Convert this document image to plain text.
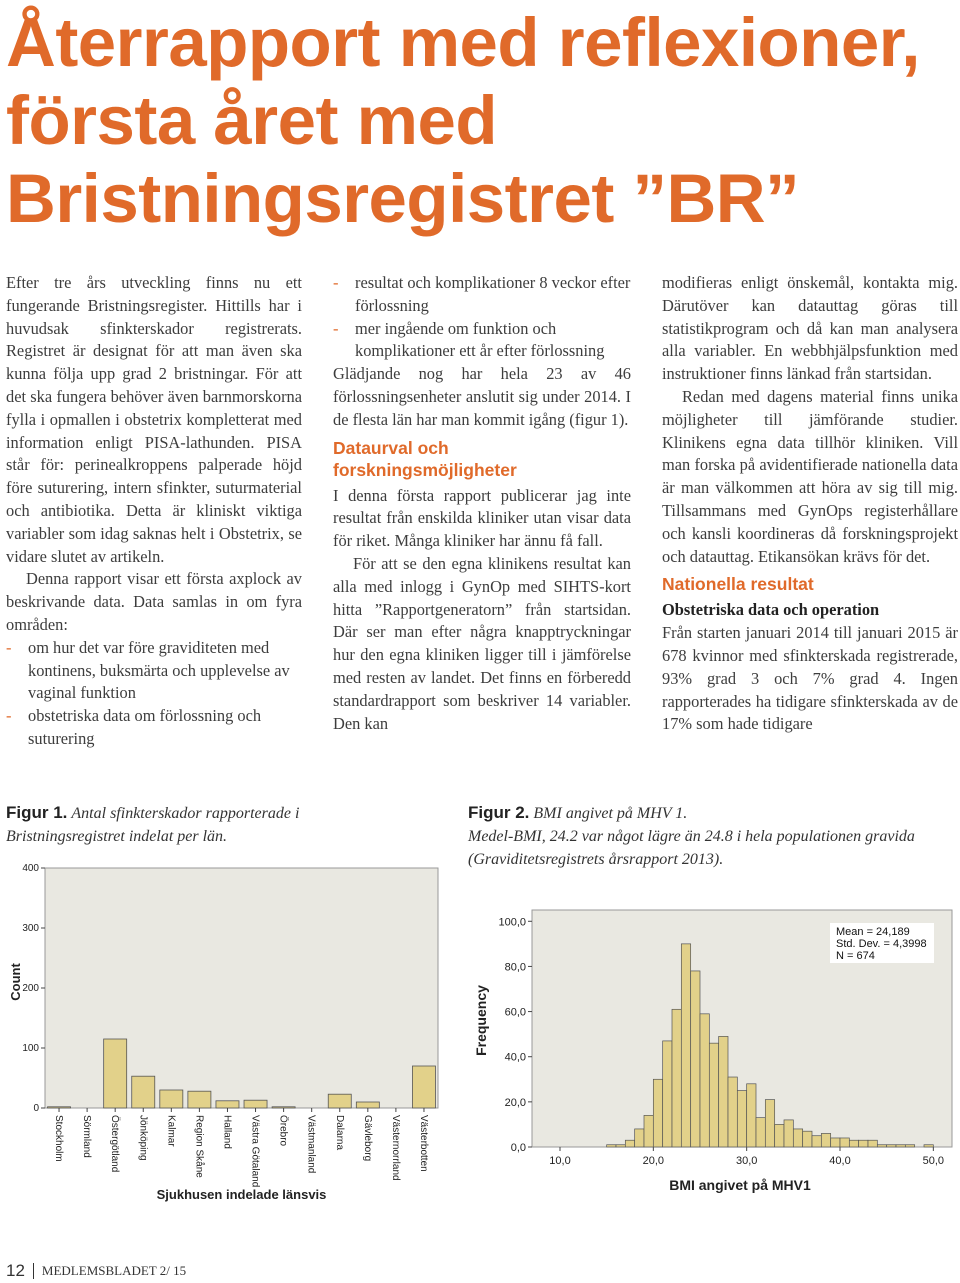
Återrapport med reflexioner,
första året med
Bristningsregistret ”BR”

Efter tre års utveckling finns nu ett fungerande Bristningsregister. Hittills har i huvudsak sfinkterskador registrerats. Registret är designat för att man även ska kunna följa upp grad 2 bristningar. För att det ska fungera behöver även barnmorskorna fylla i opmallen i obstetrix kompletterat med information enligt PISA-lathunden. PISA står för: perinealkroppens palperade höjd före suturering, intern sfinkter, suturmaterial och antibiotika. Detta är kliniskt viktiga variabler som idag saknas helt i Obstetrix, se vidare slutet av artikeln.

Denna rapport visar ett första axplock av beskrivande data. Data samlas in om fyra områden:

- om hur det var före graviditeten med kontinens, buksmärta och upplevelse av vaginal funktion
- obstetriska data om förlossning och suturering
- resultat och komplikationer 8 veckor efter förlossning
- mer ingående om funktion och komplikationer ett år efter förlossning

Glädjande nog har hela 23 av 46 förlossningsenheter anslutit sig under 2014. I de flesta län har man kommit igång (figur 1).

Dataurval och forskningsmöjligheter

I denna första rapport publicerar jag inte resultat från enskilda kliniker utan visar data för riket. Många kliniker har ännu få fall.

För att se den egna klinikens resultat kan alla med inlogg i GynOp med SIHTS-kort hitta ”Rapportgeneratorn” från startsidan. Där ser man efter några knapptryckningar hur den egna kliniken ligger till i jämförelse med resten av landet. Det finns en förberedd standardrapport som beskriver 14 variabler. Den kan

modifieras enligt önskemål, kontakta mig. Därutöver kan datauttag göras till statistikprogram och då kan man analysera alla variabler. En webbhjälpsfunktion med instruktioner finns länkad från startsidan.

Redan med dagens material finns unika möjligheter till jämförande studier. Klinikens egna data tillhör kliniken. Vill man forska på avidentifierade nationella data är man välkommen att höra av sig till mig. Tillsammans med GynOps registerhållare och kansli koordineras då forskningsprojekt och datauttag. Etikansökan krävs för det.

Nationella resultat
Obstetriska data och operation

Från starten januari 2014 till januari 2015 är 678 kvinnor med sfinkterskada registrerade, 93% grad 3 och 7% grad 4. Ingen rapporterades ha tidigare sfinkterskada av de 17% som hade tidigare

Figur 1. Antal sfinkterskador rapporterade i Bristningsregistret indelat per län.
Figur 2. BMI angivet på MHV 1.
Medel-BMI, 24.2 var något lägre än 24.8 i hela populationen gravida (Graviditetsregistrets årsrapport 2013).
0
100
200
300
400
Count
Stockholm Sörmland Östergötland Jönköping Kalmar Region Skåne Halland Västra Götaland Örebro Västmanland Dalarna Gävleborg Västernorrland Västerbotten
Sjukhusen indelade länsvis
0,0
20,0
40,0
60,0
80,0
100,0
10,0	20,0	30,0	40,0	50,0
Mean = 24,189
Std. Dev. = 4,3998
N = 674
Frequency
BMI angivet på MHV1
12 MEDLEMSBLADET 2/ 15
